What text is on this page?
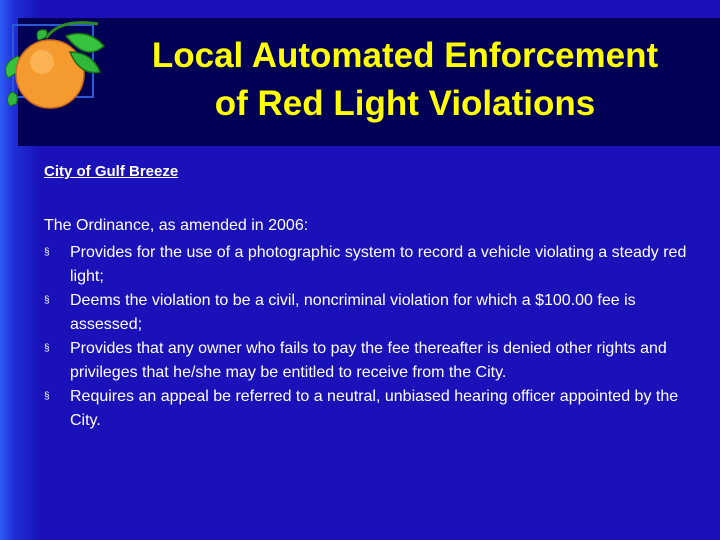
Local Automated Enforcement
of Red Light Violations
City of Gulf Breeze
The Ordinance, as amended in 2006:
§	Provides for the use of a photographic system to record a vehicle violating a steady red light;
§	Deems the violation to be a civil, noncriminal violation for which a $100.00 fee is assessed;
§	Provides that any owner who fails to pay the fee thereafter is denied other rights and privileges that he/she may be entitled to receive from the City.
§	Requires an appeal be referred to a neutral, unbiased hearing officer appointed by the City.
